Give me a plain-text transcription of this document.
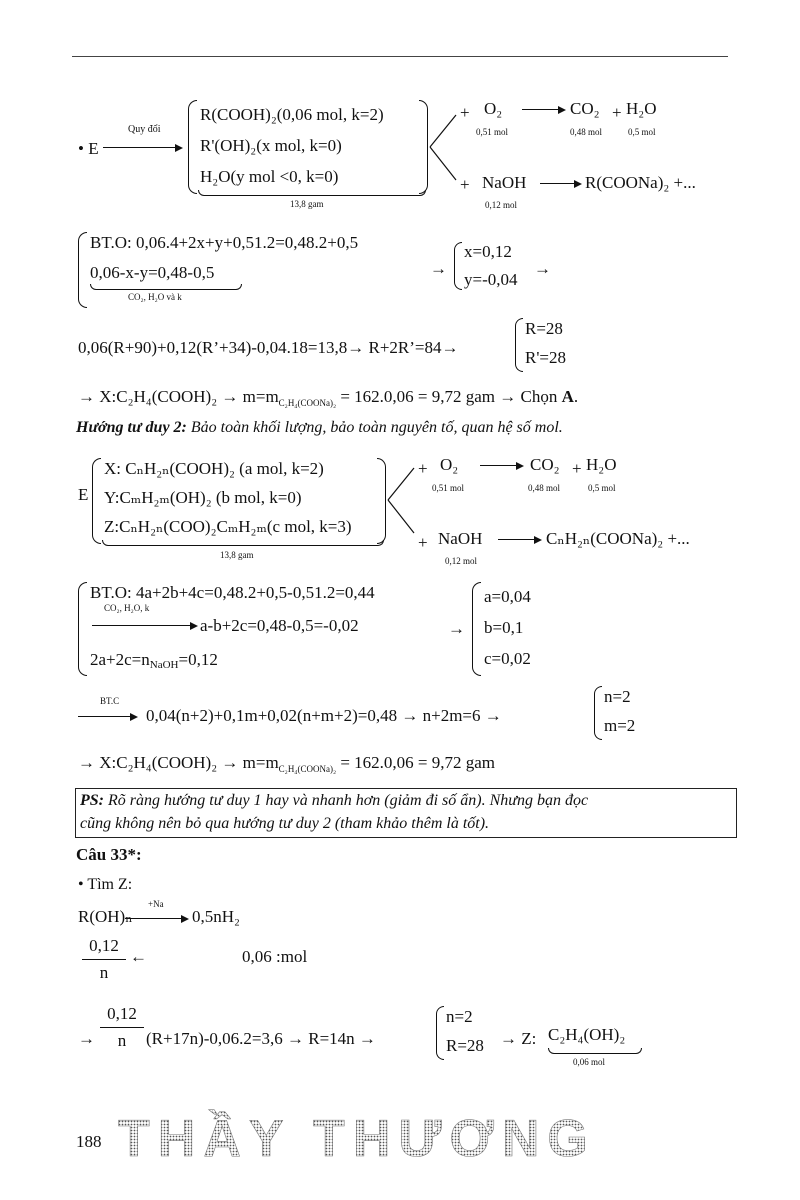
• E
Quy đổi
R(COOH)₂(0,06 mol, k=2)
R'(OH)₂(x mol, k=0)
H₂O(y mol <0, k=0)
13,8 gam
+ O₂
0,51 mol
CO₂
0,48 mol
+ H₂O
0,5 mol
+ NaOH
0,12 mol
R(COONa)₂ +...
BT.O: 0,06.4+2x+y+0,51.2=0,48.2+0,5
0,06-x-y=0,48-0,5
CO₂, H₂O và k
→
x=0,12
y=-0,04
→
0,06(R+90)+0,12(R’+34)-0,04.18=13,8→ R+2R’=84→
R=28
R'=28
→ X:C₂H₄(COOH)₂ → $m=m_{C_2H_4(COONa)_2} = 162.0,06 = 9,72$ gam → Chọn A.
Hướng tư duy 2: Bảo toàn khối lượng, bảo toàn nguyên tố, quan hệ số mol.
E
X: CₙH₂ₙ(COOH)₂ (a mol, k=2)
Y:CₘH₂ₘ(OH)₂ (b mol, k=0)
Z:CₙH₂ₙ(COO)₂CₘH₂ₘ(c mol, k=3)
13,8 gam
+ O₂
0,51 mol
CO₂
0,48 mol
+ H₂O
0,5 mol
+ NaOH
0,12 mol
CₙH₂ₙ(COONa)₂ +...
BT.O: 4a+2b+4c=0,48.2+0,5-0,51.2=0,44
CO₂, H₂O, k
a-b+2c=0,48-0,5=-0,02
$2a+2c=n_{NaOH}=0,12$
→
a=0,04
b=0,1
c=0,02
BT.C
0,04(n+2)+0,1m+0,02(n+m+2)=0,48 → n+2m=6 →
n=2
m=2
→ X:C₂H₄(COOH)₂ → $m=m_{C_2H_4(COONa)_2} = 162.0,06 = 9,72$ gam
PS: Rõ ràng hướng tư duy 1 hay và nhanh hơn (giảm đi số ẩn). Nhưng bạn đọc
cũng không nên bỏ qua hướng tư duy 2 (tham khảo thêm là tốt).
Câu 33*:
• Tìm Z:
R(OH)ₙ
+Na
0,5nH₂
0,12
n
←	0,06 :mol
→
0,12
n	(R+17n)-0,06.2=3,6 → R=14n →
n=2
R=28 → Z: C₂H₄(OH)₂
0,06 mol
188 THẦY THƯƠNG
